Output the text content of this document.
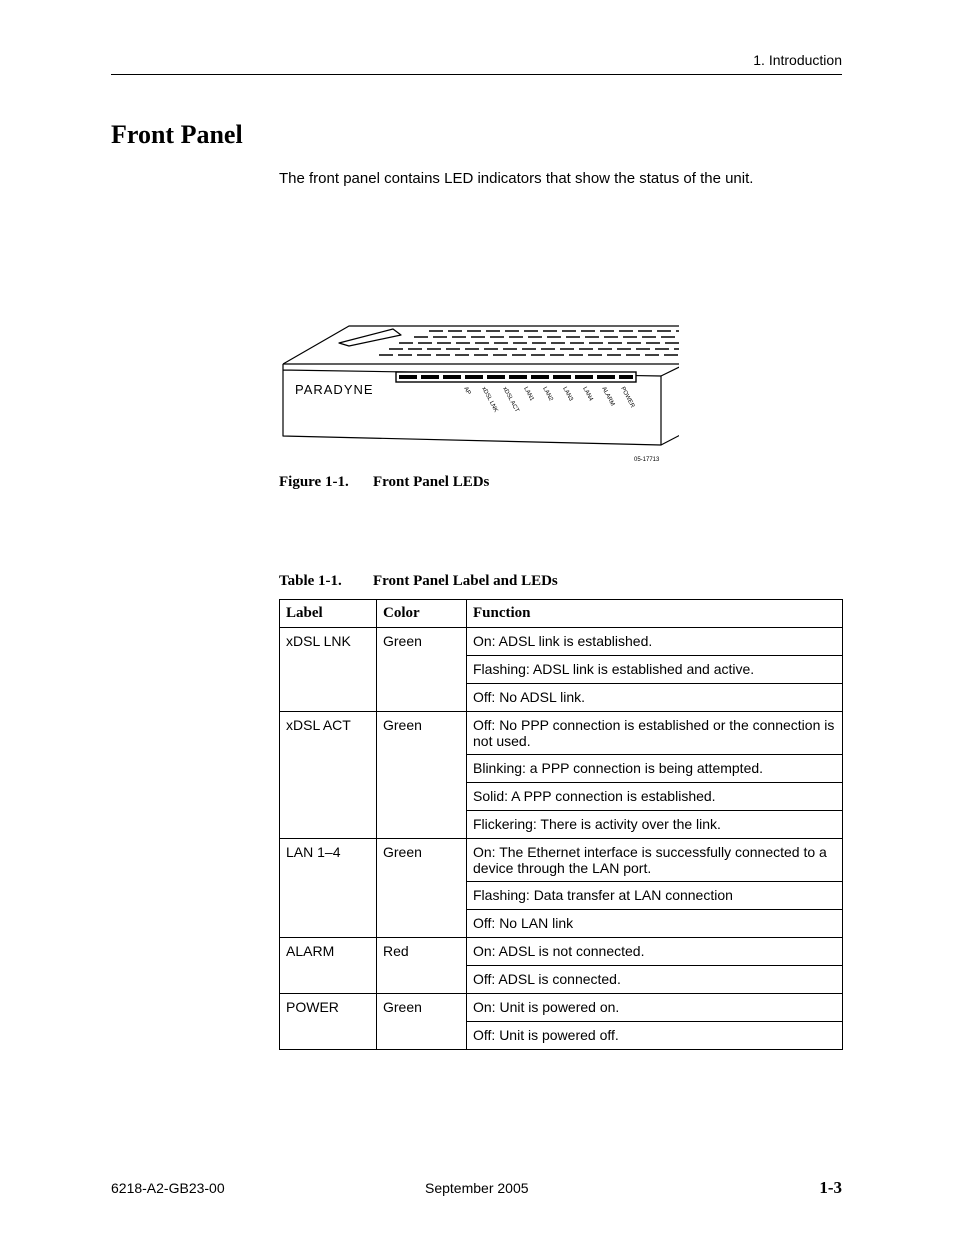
1. Introduction
Front Panel
The front panel contains LED indicators that show the status of the unit.
PARADYNE	AP xDSL LNK xDSL ACT LAN1 LAN2 LAN3 LAN4 ALARM POWER
05-17713
Figure 1-1. Front Panel LEDs
Table 1-1. Front Panel Label and LEDs
Label	Color	Function
xDSL LNK	Green	On: ADSL link is established.
		Flashing: ADSL link is established and active.
		Off: No ADSL link.
xDSL ACT	Green	Off: No PPP connection is established or the connection is not used.
		Blinking: a PPP connection is being attempted.
		Solid: A PPP connection is established.
		Flickering: There is activity over the link.
LAN 1–4	Green	On: The Ethernet interface is successfully connected to a device through the LAN port.
		Flashing: Data transfer at LAN connection
		Off: No LAN link
ALARM	Red	On: ADSL is not connected.
		Off: ADSL is connected.
POWER	Green	On: Unit is powered on.
		Off: Unit is powered off.
6218-A2-GB23-00	September 2005	1-3
